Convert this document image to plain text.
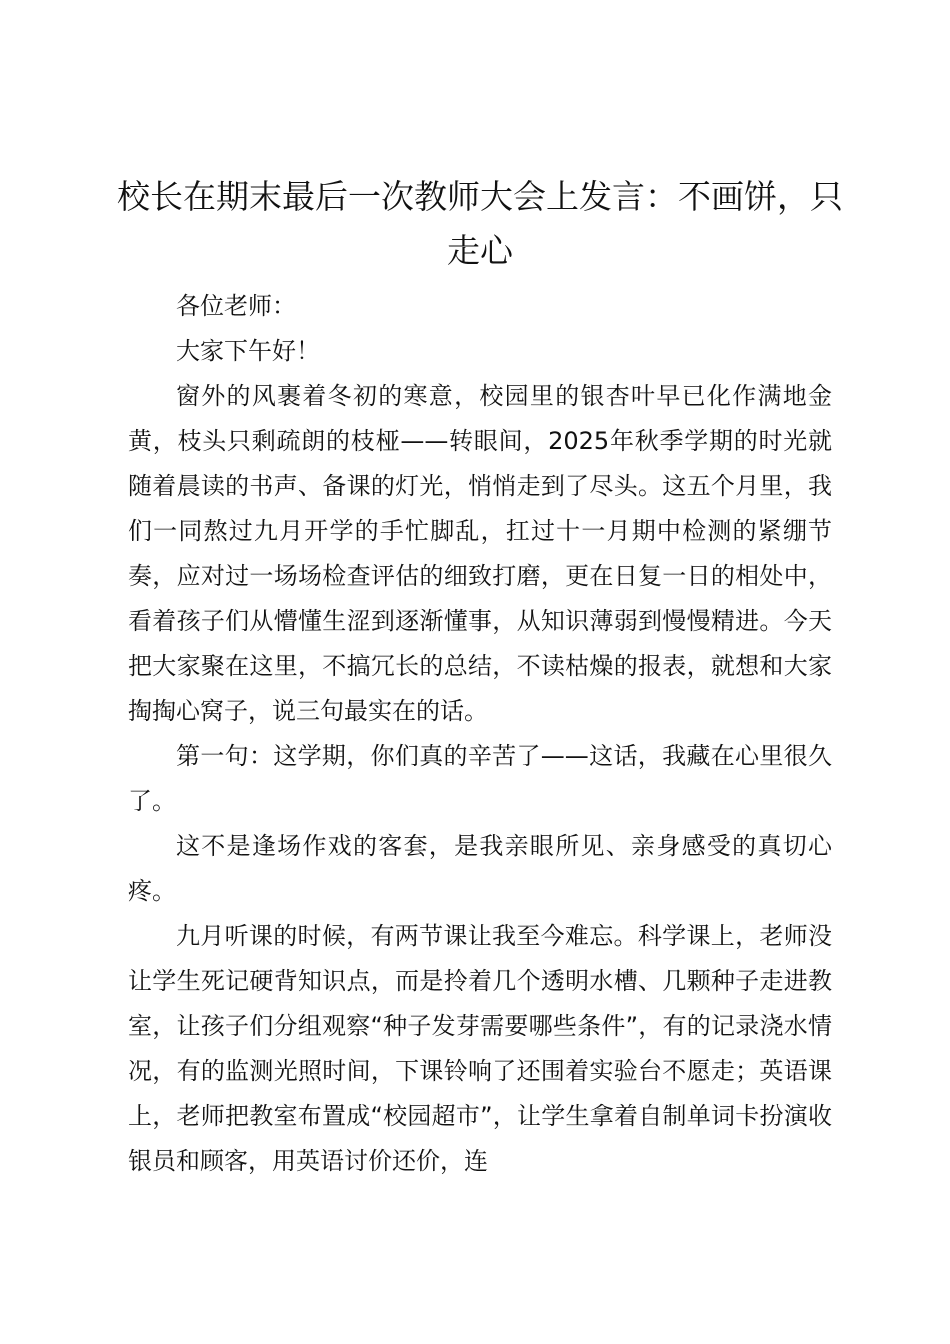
校长在期末最后一次教师大会上发言：不画饼，只走心

各位老师：

大家下午好！

窗外的风裹着冬初的寒意，校园里的银杏叶早已化作满地金黄，枝头只剩疏朗的枝桠——转眼间，2025年秋季学期的时光就随着晨读的书声、备课的灯光，悄悄走到了尽头。这五个月里，我们一同熬过九月开学的手忙脚乱，扛过十一月期中检测的紧绷节奏，应对过一场场检查评估的细致打磨，更在日复一日的相处中，看着孩子们从懵懂生涩到逐渐懂事，从知识薄弱到慢慢精进。今天把大家聚在这里，不搞冗长的总结，不读枯燥的报表，就想和大家掏掏心窝子，说三句最实在的话。

第一句：这学期，你们真的辛苦了——这话，我藏在心里很久了。

这不是逢场作戏的客套，是我亲眼所见、亲身感受的真切心疼。

九月听课的时候，有两节课让我至今难忘。科学课上，老师没让学生死记硬背知识点，而是拎着几个透明水槽、几颗种子走进教室，让孩子们分组观察“种子发芽需要哪些条件”，有的记录浇水情况，有的监测光照时间，下课铃响了还围着实验台不愿走；英语课上，老师把教室布置成“校园超市”，让学生拿着自制单词卡扮演收银员和顾客，用英语讨价还价，连
